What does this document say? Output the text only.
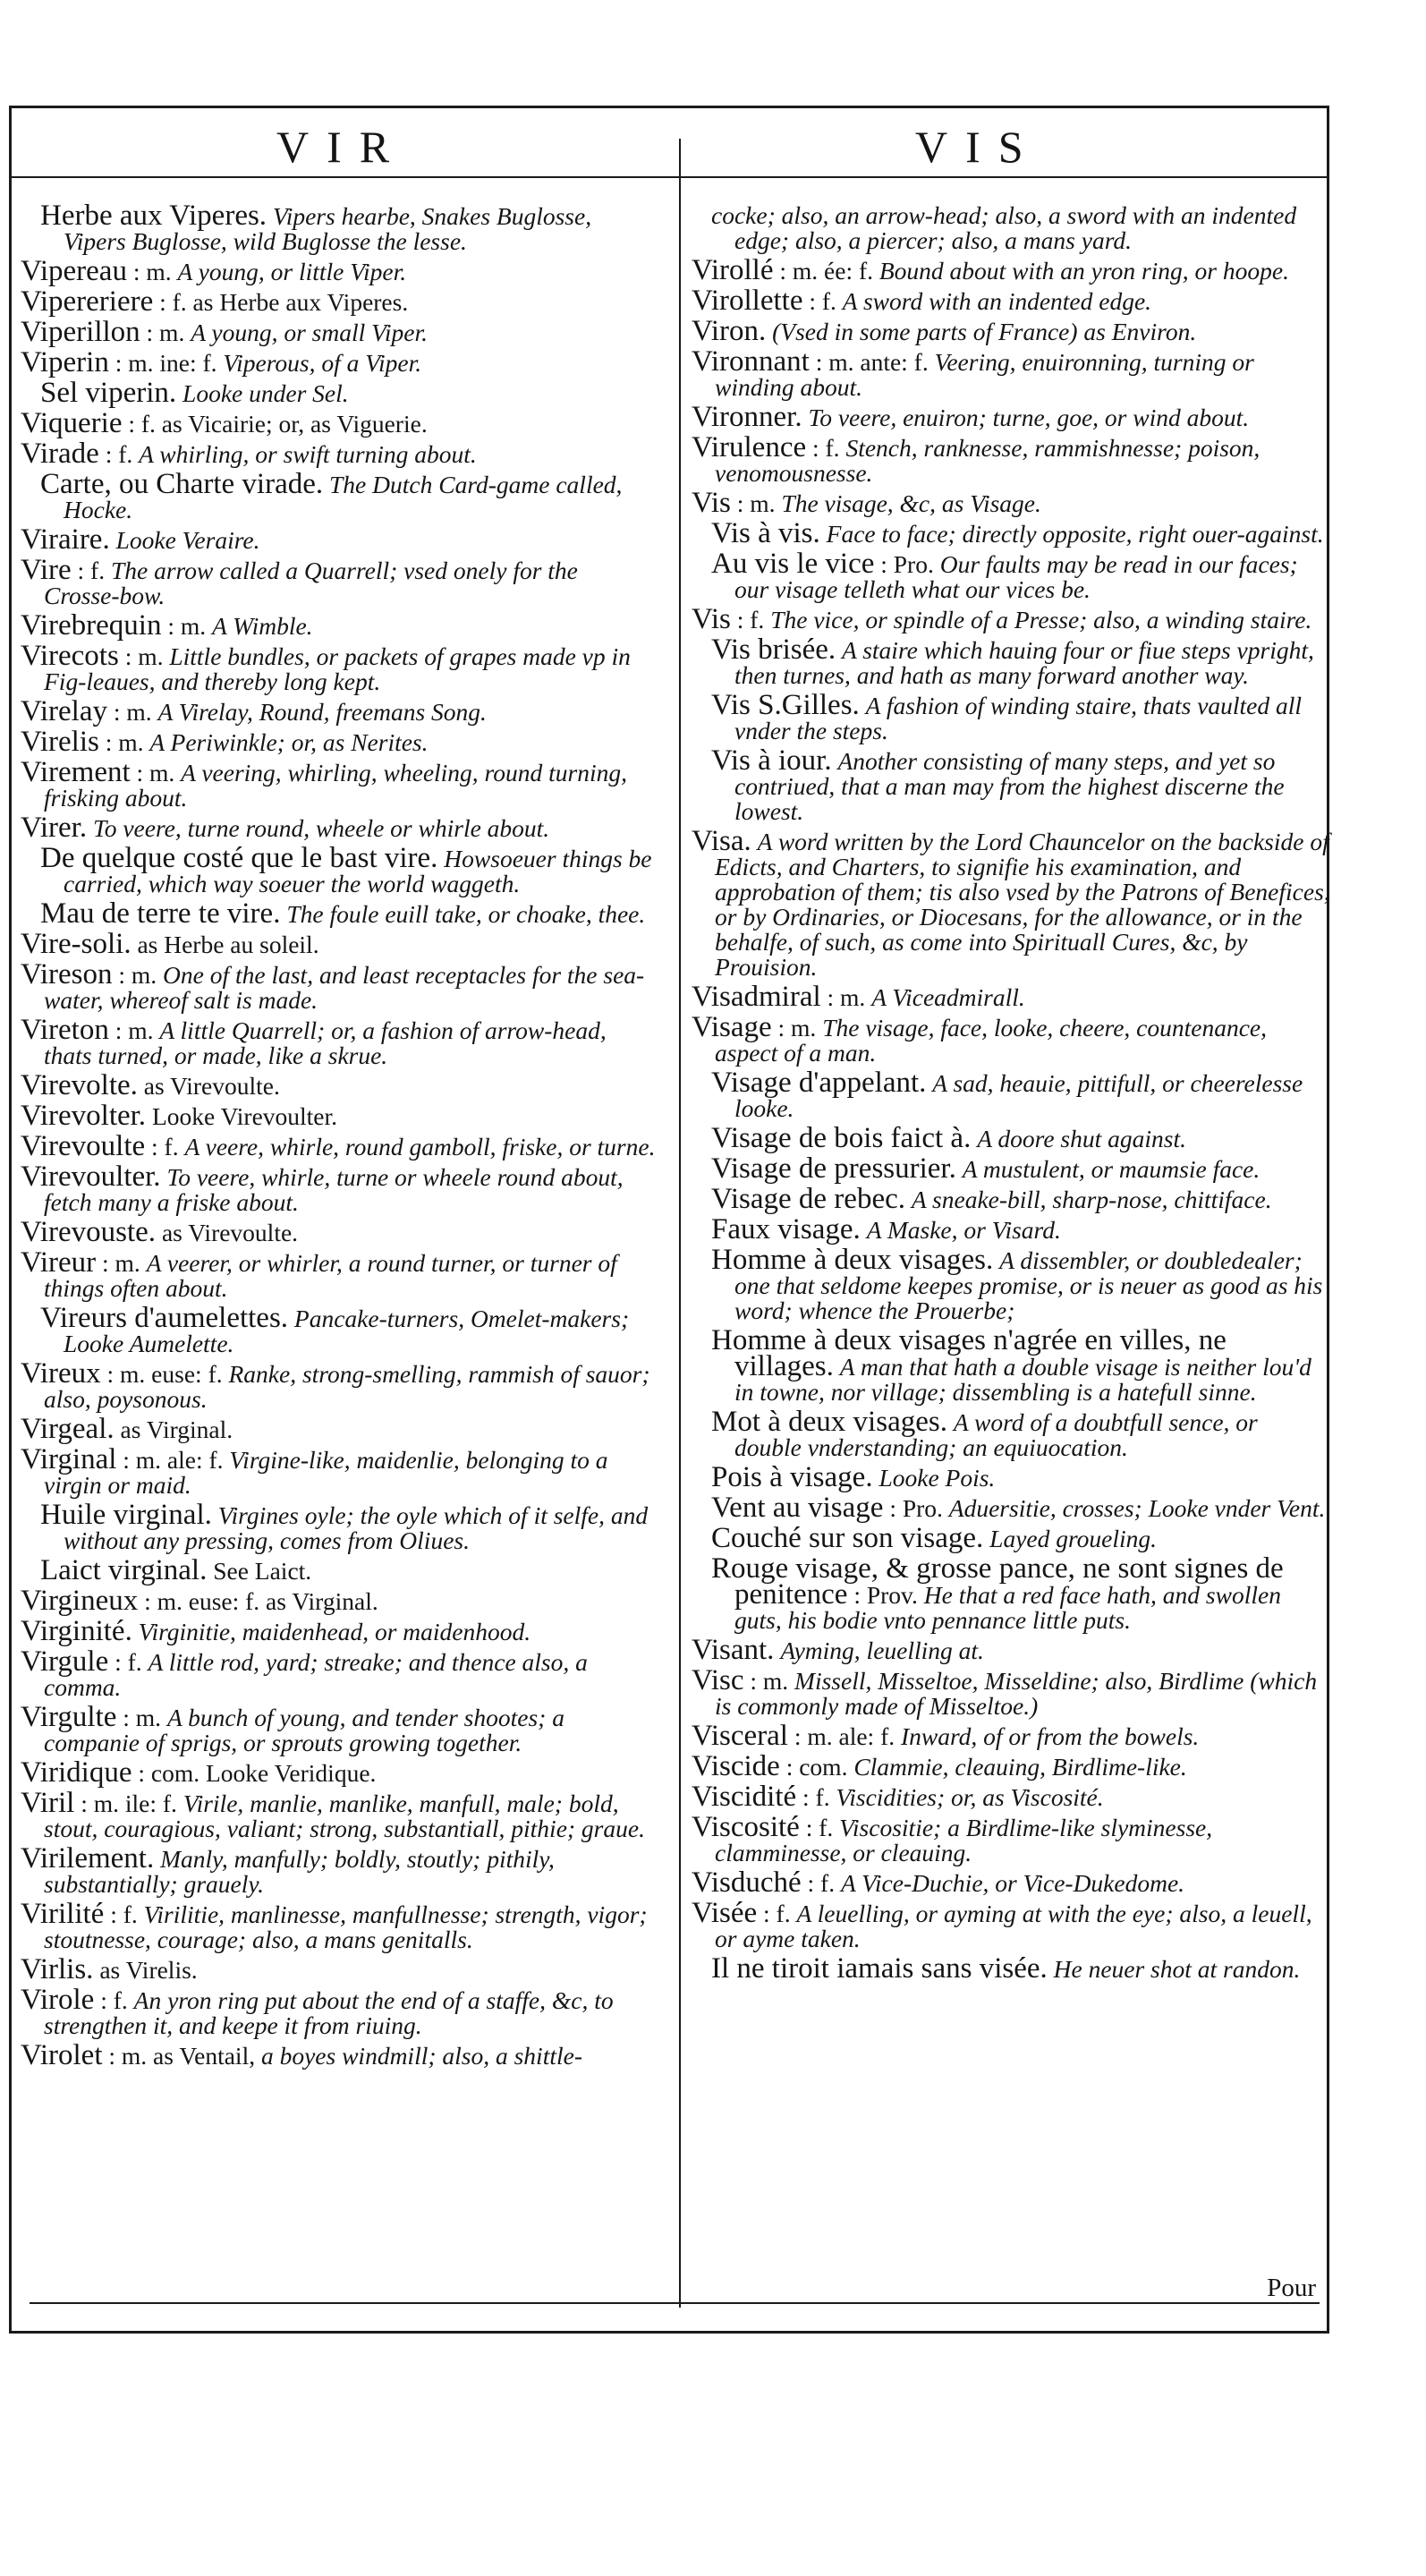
VIR	VIS

Herbe aux Viperes. Vipers hearbe, Snakes Buglosse, Vipers Buglosse, wild Buglosse the lesse.

Vipereau : m. A young, or little Viper.

Vipereriere : f. as Herbe aux Viperes.

Viperillon : m. A young, or small Viper.

Viperin : m. ine: f. Viperous, of a Viper.

Sel viperin. Looke under Sel.

Viquerie : f. as Vicairie; or, as Viguerie.

Virade : f. A whirling, or swift turning about.

Carte, ou Charte virade. The Dutch Card-game called, Hocke.

Viraire. Looke Veraire.

Vire : f. The arrow called a Quarrell; vsed onely for the Crosse-bow.

Virebrequin : m. A Wimble.

Virecots : m. Little bundles, or packets of grapes made vp in Fig-leaues, and thereby long kept.

Virelay : m. A Virelay, Round, freemans Song.

Virelis : m. A Periwinkle; or, as Nerites.

Virement : m. A veering, whirling, wheeling, round turning, frisking about.

Virer. To veere, turne round, wheele or whirle about.

De quelque costé que le bast vire. Howsoeuer things be carried, which way soeuer the world waggeth.

Mau de terre te vire. The foule euill take, or choake, thee.

Vire-soli. as Herbe au soleil.

Vireson : m. One of the last, and least receptacles for the sea-water, whereof salt is made.

Vireton : m. A little Quarrell; or, a fashion of arrow-head, thats turned, or made, like a skrue.

Virevolte. as Virevoulte.

Virevolter. Looke Virevoulter.

Virevoulte : f. A veere, whirle, round gamboll, friske, or turne.

Virevoulter. To veere, whirle, turne or wheele round about, fetch many a friske about.

Virevouste. as Virevoulte.

Vireur : m. A veerer, or whirler, a round turner, or turner of things often about.

Vireurs d'aumelettes. Pancake-turners, Omelet-makers; Looke Aumelette.

Vireux : m. euse: f. Ranke, strong-smelling, rammish of sauor; also, poysonous.

Virgeal. as Virginal.

Virginal : m. ale: f. Virgine-like, maidenlie, belonging to a virgin or maid.

Huile virginal. Virgines oyle; the oyle which of it selfe, and without any pressing, comes from Oliues.

Laict virginal. See Laict.

Virgineux : m. euse: f. as Virginal.

Virginité. Virginitie, maidenhead, or maidenhood.

Virgule : f. A little rod, yard; streake; and thence also, a comma.

Virgulte : m. A bunch of young, and tender shootes; a companie of sprigs, or sprouts growing together.

Viridique : com. Looke Veridique.

Viril : m. ile: f. Virile, manlie, manlike, manfull, male; bold, stout, couragious, valiant; strong, substantiall, pithie; graue.

Virilement. Manly, manfully; boldly, stoutly; pithily, substantially; grauely.

Virilité : f. Virilitie, manlinesse, manfullnesse; strength, vigor; stoutnesse, courage; also, a mans genitalls.

Virlis. as Virelis.

Virole : f. An yron ring put about the end of a staffe, &c, to strengthen it, and keepe it from riuing.

Virolet : m. as Ventail, a boyes windmill; also, a shittle-

cocke; also, an arrow-head; also, a sword with an indented edge; also, a piercer; also, a mans yard.

Virollé : m. ée: f. Bound about with an yron ring, or hoope.

Virollette : f. A sword with an indented edge.

Viron. (Vsed in some parts of France) as Environ.

Vironnant : m. ante: f. Veering, enuironning, turning or winding about.

Vironner. To veere, enuiron; turne, goe, or wind about.

Virulence : f. Stench, ranknesse, rammishnesse; poison, venomousnesse.

Vis : m. The visage, &c, as Visage.

Vis à vis. Face to face; directly opposite, right ouer-against.

Au vis le vice : Pro. Our faults may be read in our faces; our visage telleth what our vices be.

Vis : f. The vice, or spindle of a Presse; also, a winding staire.

Vis brisée. A staire which hauing four or fiue steps vpright, then turnes, and hath as many forward another way.

Vis S.Gilles. A fashion of winding staire, thats vaulted all vnder the steps.

Vis à iour. Another consisting of many steps, and yet so contriued, that a man may from the highest discerne the lowest.

Visa. A word written by the Lord Chauncelor on the backside of Edicts, and Charters, to signifie his examination, and approbation of them; tis also vsed by the Patrons of Benefices, or by Ordinaries, or Diocesans, for the allowance, or in the behalfe, of such, as come into Spirituall Cures, &c, by Prouision.

Visadmiral : m. A Viceadmirall.

Visage : m. The visage, face, looke, cheere, countenance, aspect of a man.

Visage d'appelant. A sad, heauie, pittifull, or cheerelesse looke.

Visage de bois faict à. A doore shut against.

Visage de pressurier. A mustulent, or maumsie face.

Visage de rebec. A sneake-bill, sharp-nose, chittiface.

Faux visage. A Maske, or Visard.

Homme à deux visages. A dissembler, or doubledealer; one that seldome keepes promise, or is neuer as good as his word; whence the Prouerbe;

Homme à deux visages n'agrée en villes, ne villages. A man that hath a double visage is neither lou'd in towne, nor village; dissembling is a hatefull sinne.

Mot à deux visages. A word of a doubtfull sence, or double vnderstanding; an equiuocation.

Pois à visage. Looke Pois.

Vent au visage : Pro. Aduersitie, crosses; Looke vnder Vent.

Couché sur son visage. Layed groueling.

Rouge visage, & grosse pance, ne sont signes de penitence : Prov. He that a red face hath, and swollen guts, his bodie vnto pennance little puts.

Visant. Ayming, leuelling at.

Visc : m. Missell, Misseltoe, Misseldine; also, Birdlime (which is commonly made of Misseltoe.)

Visceral : m. ale: f. Inward, of or from the bowels.

Viscide : com. Clammie, cleauing, Birdlime-like.

Viscidité : f. Viscidities; or, as Viscosité.

Viscosité : f. Viscositie; a Birdlime-like slyminesse, clamminesse, or cleauing.

Visduché : f. A Vice-Duchie, or Vice-Dukedome.

Visée : f. A leuelling, or ayming at with the eye; also, a leuell, or ayme taken.

Il ne tiroit iamais sans visée. He neuer shot at randon.

Pour
